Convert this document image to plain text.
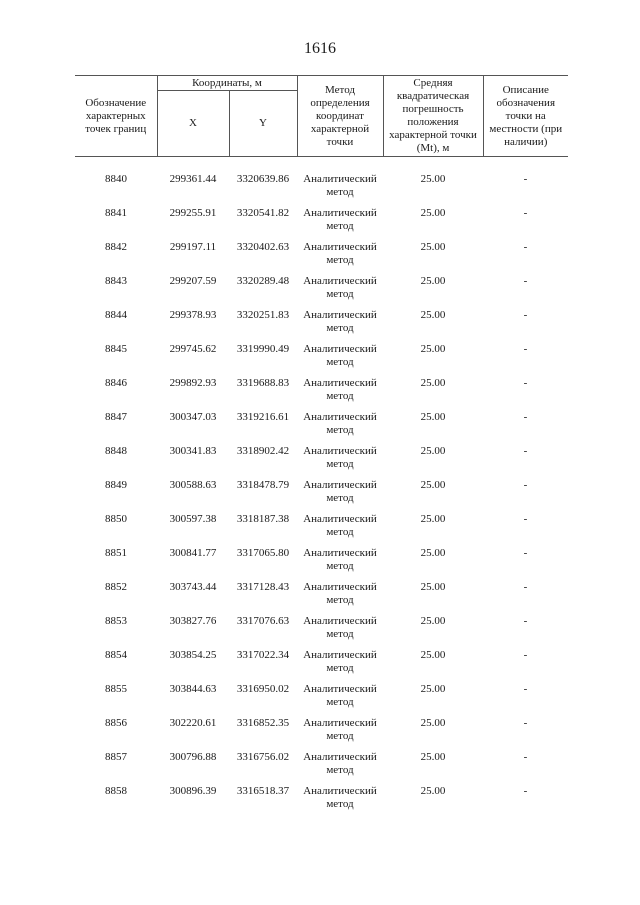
1616
Обозначение характерных точек границ	Координаты, м		Метод определения координат характерной точки	Средняя квадратическая погрешность положения характерной точки (Mt), м	Описание обозначения точки на местности (при наличии)
	X	Y			
8840	299361.44	3320639.86	Аналитический метод	25.00	-
8841	299255.91	3320541.82	Аналитический метод	25.00	-
8842	299197.11	3320402.63	Аналитический метод	25.00	-
8843	299207.59	3320289.48	Аналитический метод	25.00	-
8844	299378.93	3320251.83	Аналитический метод	25.00	-
8845	299745.62	3319990.49	Аналитический метод	25.00	-
8846	299892.93	3319688.83	Аналитический метод	25.00	-
8847	300347.03	3319216.61	Аналитический метод	25.00	-
8848	300341.83	3318902.42	Аналитический метод	25.00	-
8849	300588.63	3318478.79	Аналитический метод	25.00	-
8850	300597.38	3318187.38	Аналитический метод	25.00	-
8851	300841.77	3317065.80	Аналитический метод	25.00	-
8852	303743.44	3317128.43	Аналитический метод	25.00	-
8853	303827.76	3317076.63	Аналитический метод	25.00	-
8854	303854.25	3317022.34	Аналитический метод	25.00	-
8855	303844.63	3316950.02	Аналитический метод	25.00	-
8856	302220.61	3316852.35	Аналитический метод	25.00	-
8857	300796.88	3316756.02	Аналитический метод	25.00	-
8858	300896.39	3316518.37	Аналитический метод	25.00	-
